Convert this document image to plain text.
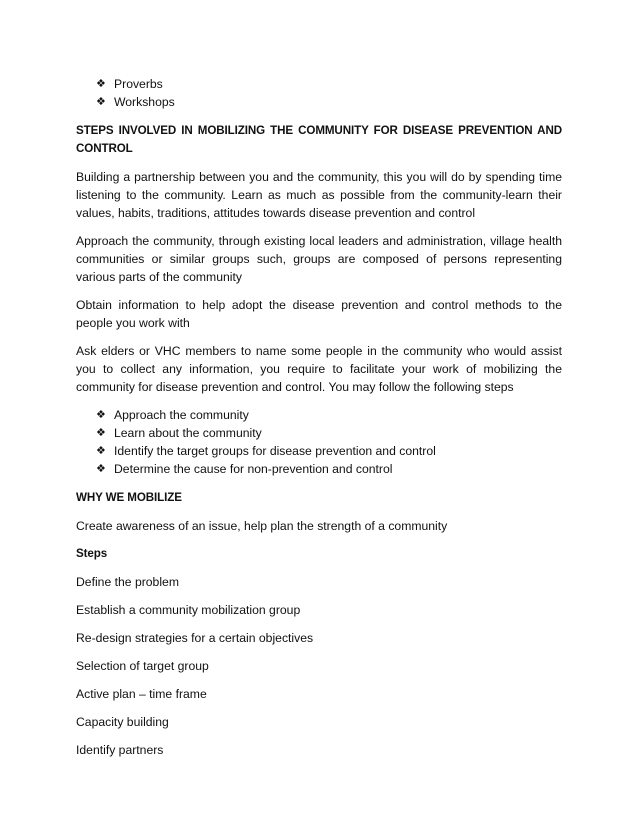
❖ Proverbs
❖ Workshops

STEPS INVOLVED IN MOBILIZING THE COMMUNITY FOR DISEASE PREVENTION AND CONTROL

Building a partnership between you and the community, this you will do by spending time listening to the community. Learn as much as possible from the community-learn their values, habits, traditions, attitudes towards disease prevention and control

Approach the community, through existing local leaders and administration, village health communities or similar groups such, groups are composed of persons representing various parts of the community

Obtain information to help adopt the disease prevention and control methods to the people you work with

Ask elders or VHC members to name some people in the community who would assist you to collect any information, you require to facilitate your work of mobilizing the community for disease prevention and control. You may follow the following steps

❖ Approach the community
❖ Learn about the community
❖ Identify the target groups for disease prevention and control
❖ Determine the cause for non-prevention and control

WHY WE MOBILIZE

Create awareness of an issue, help plan the strength of a community

Steps

Define the problem

Establish a community mobilization group

Re-design strategies for a certain objectives

Selection of target group

Active plan – time frame

Capacity building

Identify partners
